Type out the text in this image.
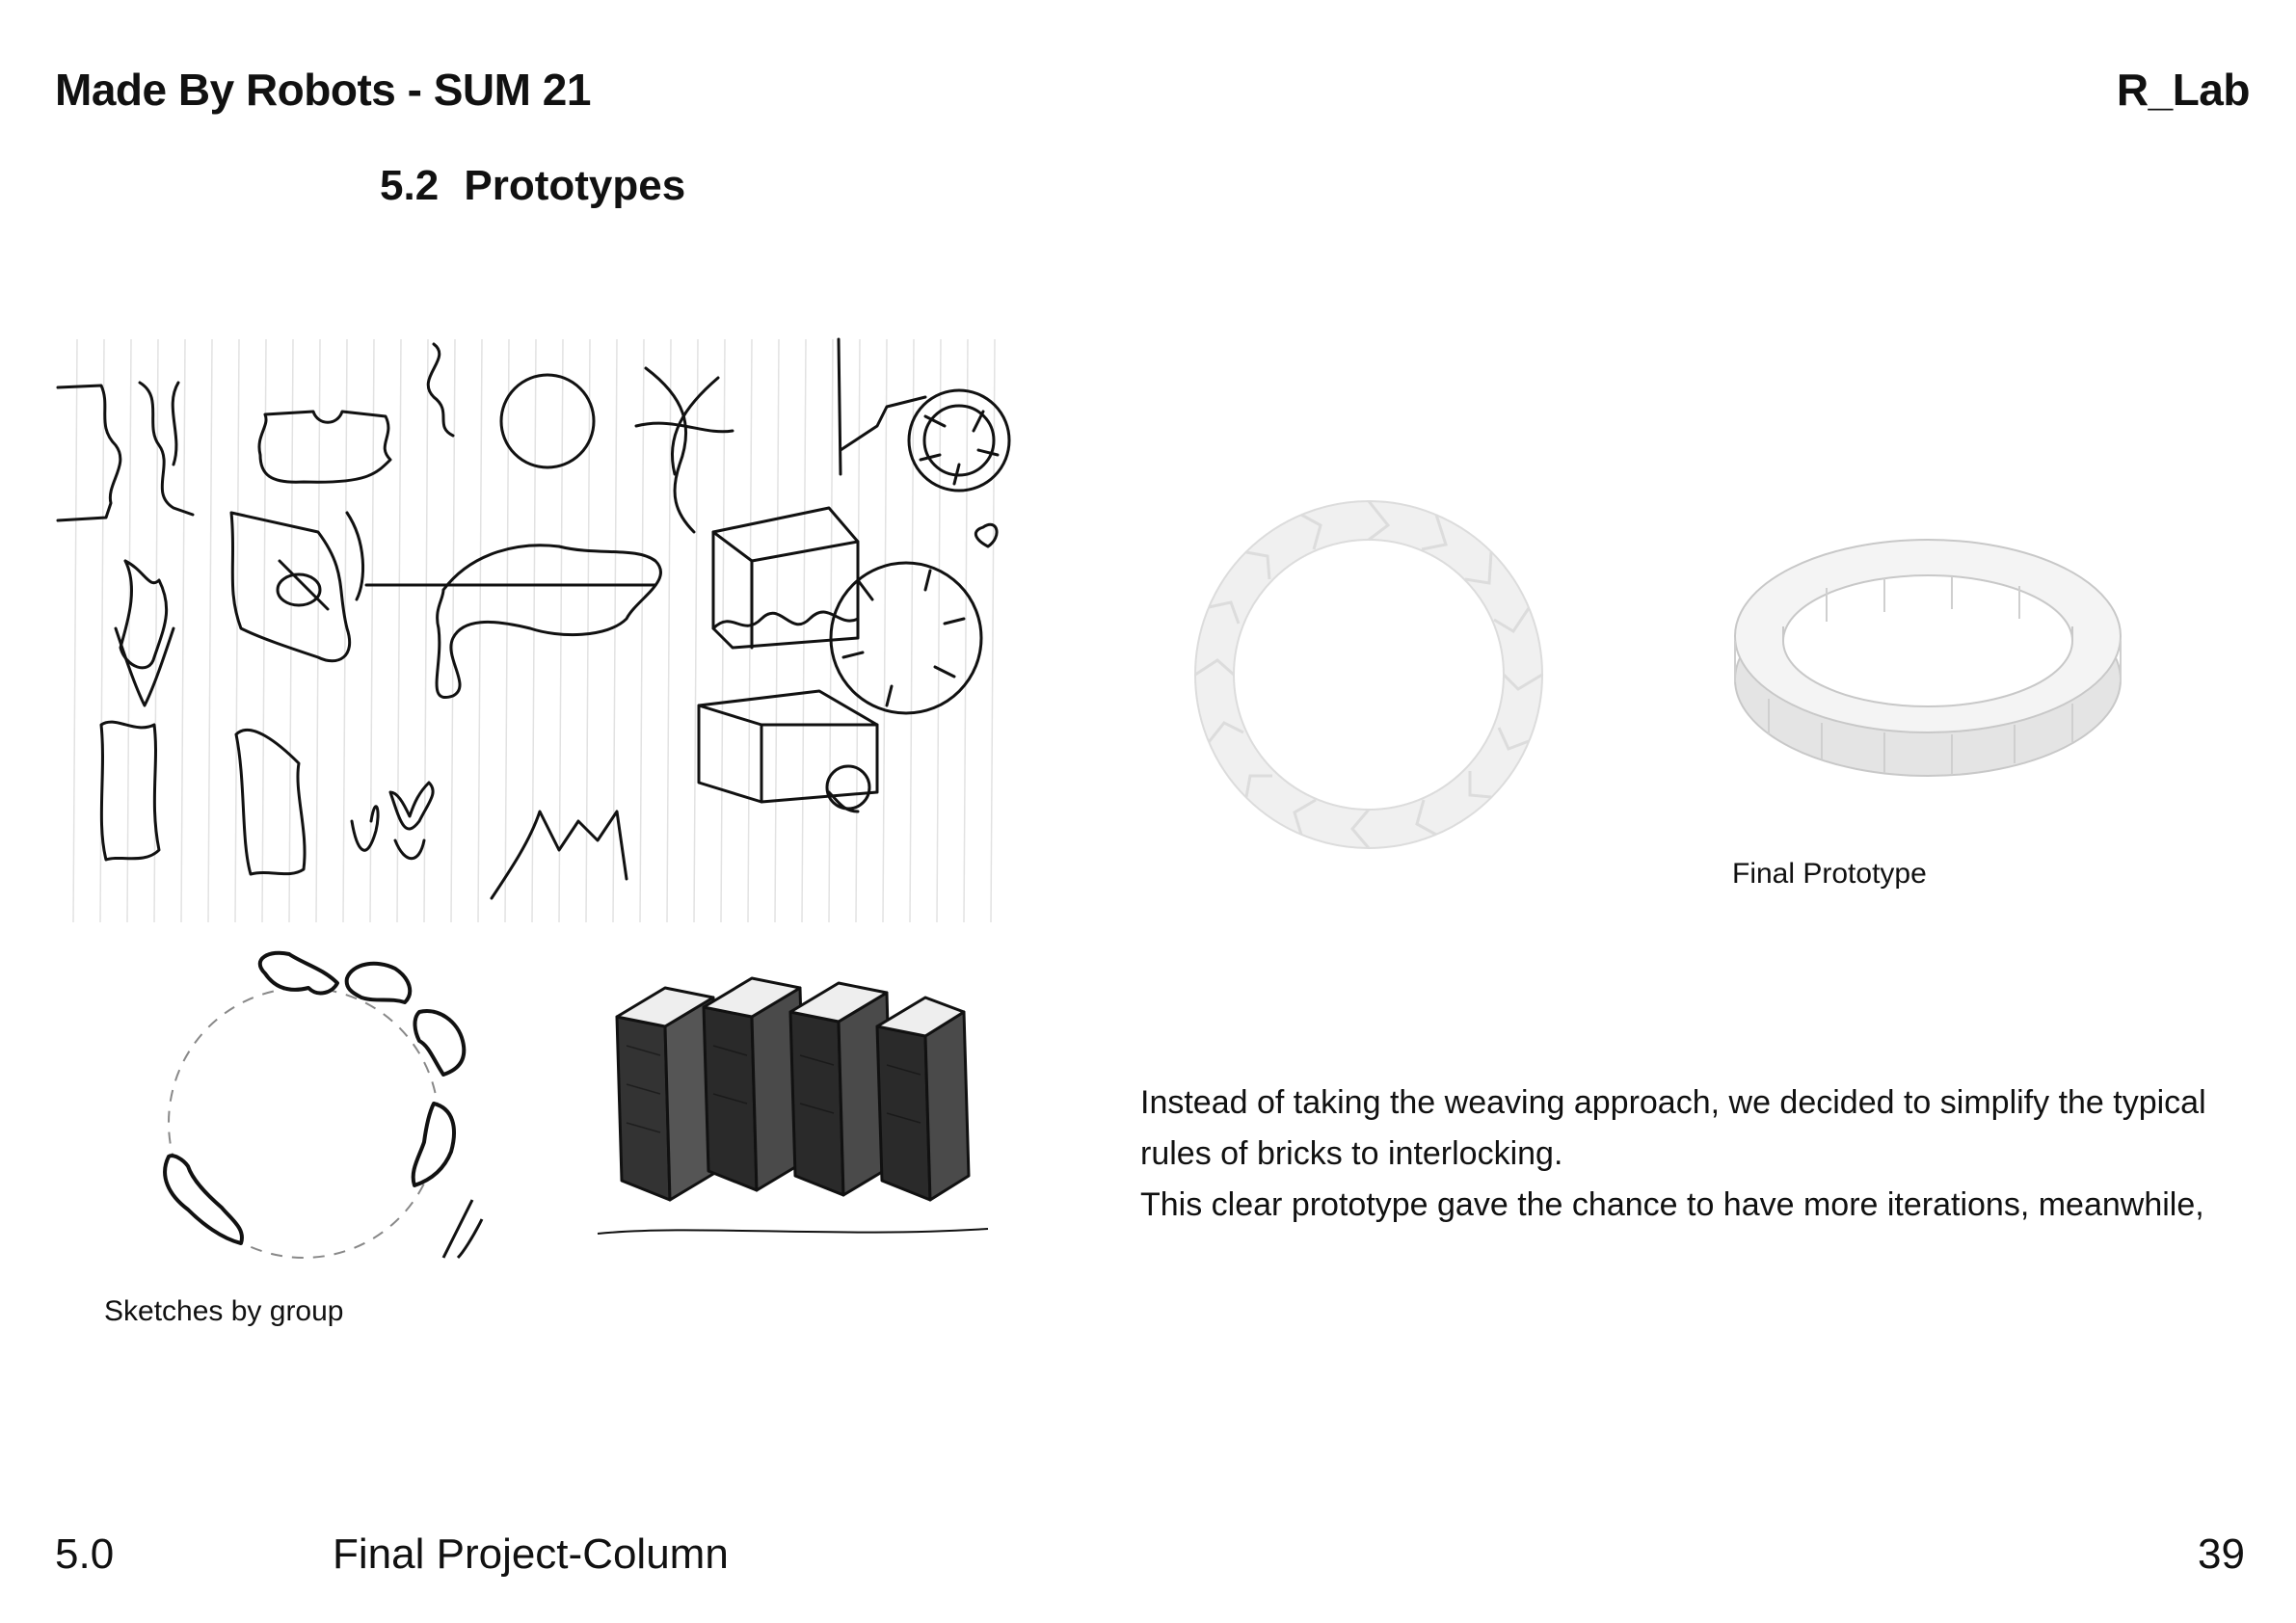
Made By Robots - SUM 21	R_Lab
5.2 Prototypes
Sketches by group
Final Prototype
Instead of taking the weaving approach, we decided to simplify the typical
rules of bricks to interlocking.
This clear prototype gave the chance to have more iterations, meanwhile,
5.0	Final Project-Column	39
